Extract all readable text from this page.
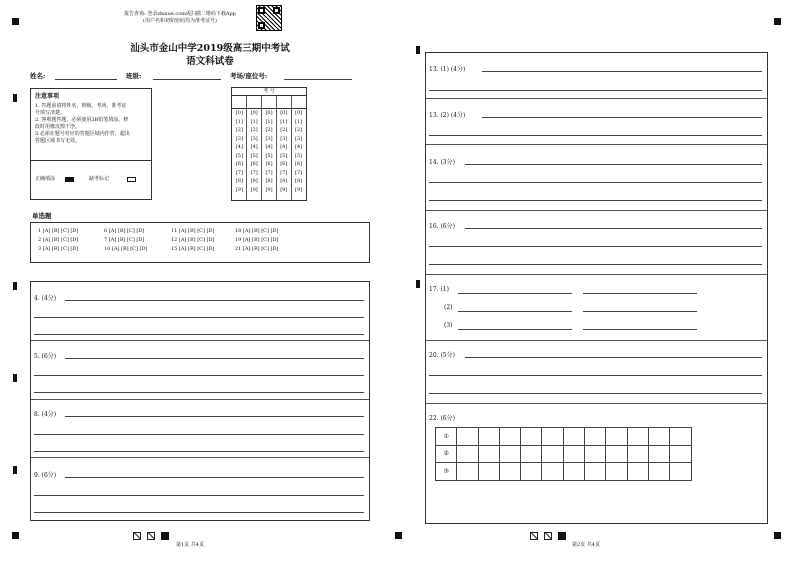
报告查询: 登录zhixue.com或扫描二维码下载App
(用户名和初始密码均为准考证号)
汕头市金山中学2019级高三期中考试
语文科试卷
姓名:	班级:	考场/座位号:
注意事项
1. 答题前请将姓名、班级、考场、准考证
号填写清楚。
2. 客观题答题，必须使用2B铅笔填涂，修
改时用橡皮擦干净。
3.必须在题号对应的答题区域内作答，超出
答题区域书写无效。
正确填涂	缺考标记
考 号
[0]	[0]	[0]	[0]	[0]
[1]	[1]	[1]	[1]	[1]
[2]	[2]	[2]	[2]	[2]
[3]	[3]	[3]	[3]	[3]
[4]	[4]	[4]	[4]	[4]
[5]	[5]	[5]	[5]	[5]
[6]	[6]	[6]	[6]	[6]
[7]	[7]	[7]	[7]	[7]
[8]	[8]	[8]	[8]	[8]
[9]	[9]	[9]	[9]	[9]
单选题
1 [A] [B] [C] [D]	6 [A] [B] [C] [D]	11 [A] [B] [C] [D]	18 [A] [B] [C] [D]
2 [A] [B] [C] [D]	7 [A] [B] [C] [D]	12 [A] [B] [C] [D]	19 [A] [B] [C] [D]
3 [A] [B] [C] [D]	10 [A] [B] [C] [D]	15 [A] [B] [C] [D]	21 [A] [B] [C] [D]
4. (4分)
5. (6分)
8. (4分)
9. (6分)
13. (1) (4分)
13. (2) (4分)
14. (3分)
16. (6分)
17. (1)
(2)
(3)
20. (5分)
22. (6分)
①											
②											
③											
第1页 共4页	第2页 共4页
